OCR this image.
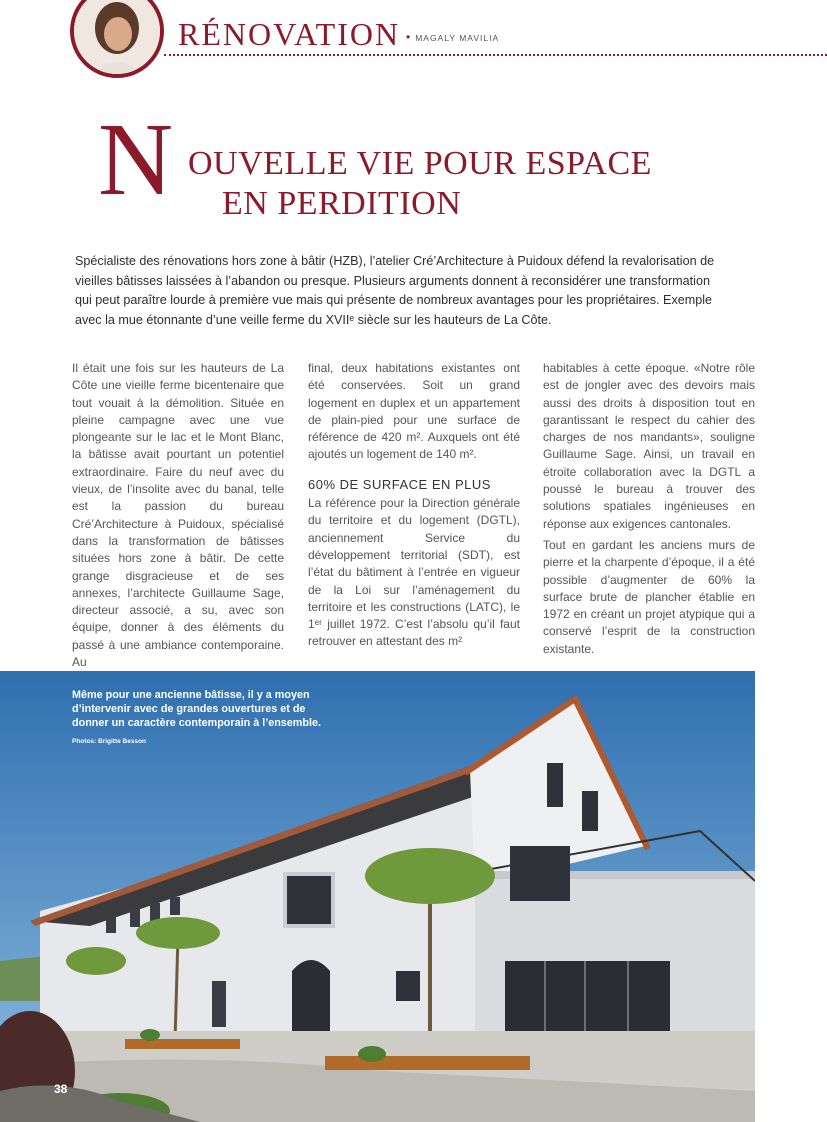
RÉNOVATION • MAGALY MAVILIA
N OUVELLE VIE POUR ESPACE
EN PERDITION
Spécialiste des rénovations hors zone à bâtir (HZB), l’atelier Cré’Architecture à Puidoux défend la revalorisation de vieilles bâtisses laissées à l’abandon ou presque. Plusieurs arguments donnent à reconsidérer une transformation qui peut paraître lourde à première vue mais qui présente de nombreux avantages pour les propriétaires. Exemple avec la mue étonnante d’une veille ferme du XVIIᵉ siècle sur les hauteurs de La Côte.

Il était une fois sur les hauteurs de La Côte une vieille ferme bicentenaire que tout vouait à la démolition. Située en pleine campagne avec une vue plongeante sur le lac et le Mont Blanc, la bâtisse avait pourtant un potentiel extraordinaire. Faire du neuf avec du vieux, de l’insolite avec du banal, telle est la passion du bureau Cré’Architecture à Puidoux, spécialisé dans la transformation de bâtisses situées hors zone à bâtir. De cette grange disgracieuse et de ses annexes, l’architecte Guillaume Sage, directeur associé, a su, avec son équipe, donner à des éléments du passé à une ambiance contemporaine. Au

final, deux habitations existantes ont été conservées. Soit un grand logement en duplex et un appartement de plain-pied pour une surface de référence de 420 m². Auxquels ont été ajoutés un logement de 140 m².

60% DE SURFACE EN PLUS

La référence pour la Direction générale du territoire et du logement (DGTL), anciennement Service du développement territorial (SDT), est l’état du bâtiment à l’entrée en vigueur de la Loi sur l’aménagement du territoire et les constructions (LATC), le 1ᵉʳ juillet 1972. C’est l’absolu qu’il faut retrouver en attestant des m²

habitables à cette époque. «Notre rôle est de jongler avec des devoirs mais aussi des droits à disposition tout en garantissant le respect du cahier des charges de nos mandants», souligne Guillaume Sage. Ainsi, un travail en étroite collaboration avec la DGTL a poussé le bureau à trouver des solutions spatiales ingénieuses en réponse aux exigences cantonales.

Tout en gardant les anciens murs de pierre et la charpente d’époque, il a été possible d’augmenter de 60% la surface brute de plancher établie en 1972 en créant un projet atypique qui a conservé l’esprit de la construction existante.

Même pour une ancienne bâtisse, il y a moyen d’intervenir avec de grandes ouvertures et de donner un caractère contemporain à l’ensemble.
Photos: Brigitte Besson
38
